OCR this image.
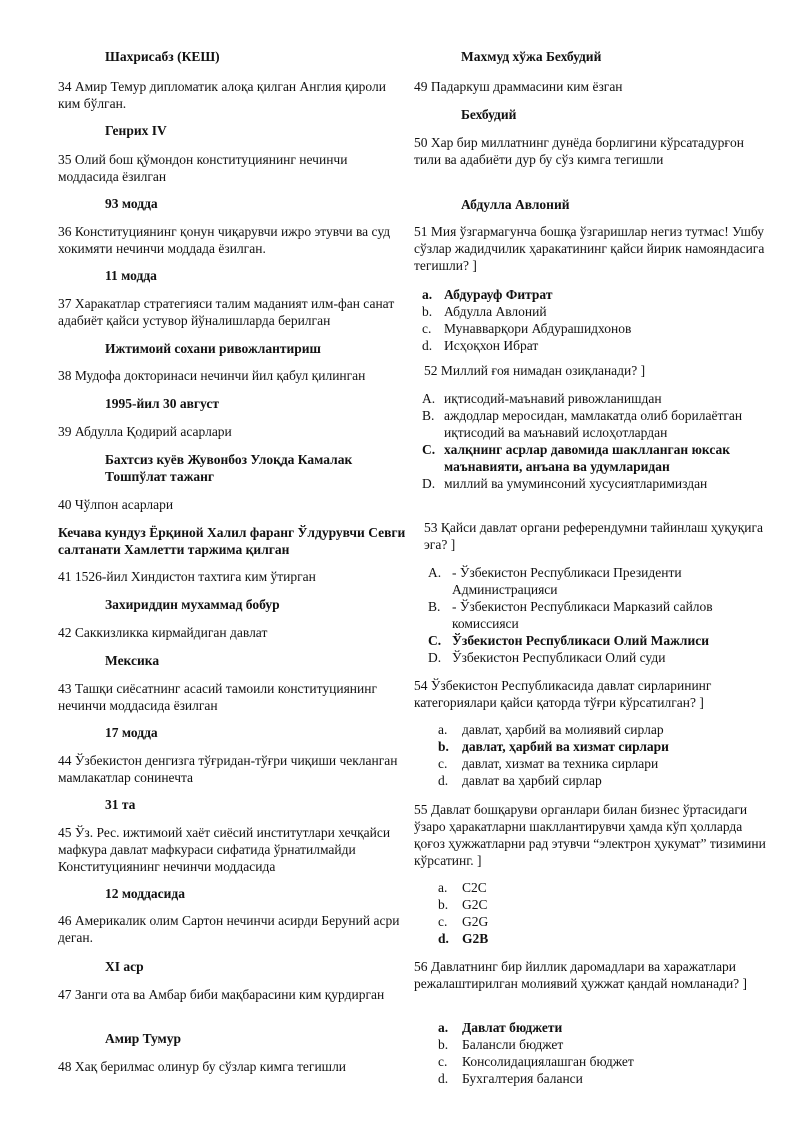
Шахрисабз (КЕШ)
34 Амир Темур дипломатик алоқа қилган Англия қироли ким бўлган.
Генрих IV
35 Олий бош қўмондон конституциянинг нечинчи моддасида ёзилган
93 модда
36 Конституциянинг қонун чиқарувчи ижро этувчи ва суд хокимяти нечинчи моддада ёзилган.
11 модда
37 Харакатлар стратегияси талим маданият илм-фан санат адабиёт қайси устувор йўналишларда берилган
Ижтимоий сохани ривожлантириш
38 Мудофа докторинаси нечинчи йил қабул қилинган
1995-йил 30 август
39 Абдулла Қодирий асарлари
Бахтсиз куёв Жувонбоз Улоқда Камалак Тошпўлат тажанг
40 Чўлпон асарлари
Кечава кундуз Ёрқиной Халил фаранг Ўлдурувчи Севги салтанати Хамлетти таржима қилган
41 1526-йил Хиндистон тахтига ким ўтирган
Захириддин мухаммад бобур
42 Саккизликка кирмайдиган давлат
Мексика
43 Ташқи сиёсатнинг асасий тамоили конституциянинг нечинчи моддасида ёзилган
17 модда
44 Ўзбекистон денгизга тўғридан-тўғри чиқиши чекланган мамлакатлар сонинечта
31 та
45 Ўз. Рес. ижтимоий хаёт сиёсий институтлари хечқайси мафкура давлат мафкураси сифатида ўрнатилмайди Конституциянинг нечинчи моддасида
12 моддасида
46 Америкалик олим Сартон нечинчи асирди Беруний асри деган.
XI аср
47 Занги ота ва Амбар биби мақбарасини ким қурдирган
Амир Тумур
48 Хақ берилмас олинур бу сўзлар кимга тегишли
Махмуд хўжа Бехбудий
49 Падаркуш драммасини ким ёзган
Бехбудий
50 Хар бир миллатнинг дунёда борлигини кўрсатадурғон тили ва адабиёти дур бу сўз кимга тегишли
Абдулла Авлоний
51 Мия ўзгармагунча бошқа ўзгаришлар негиз тутмас! Ушбу сўзлар жадидчилик ҳаракатининг қайси йирик намояндасига тегишли? ]
a. Абдурауф Фитрат
b. Абдулла Авлоний
c. Мунавварқори Абдурашидхонов
d. Исҳоқхон Ибрат
52 Миллий ғоя нимадан озиқланади? ]
A. иқтисодий-маънавий ривожланишдан
B. аждодлар меросидан, мамлакатда олиб борилаётган иқтисодий ва маънавий ислоҳотлардан
C. халқнинг асрлар давомида шаклланган юксак маънавияти, анъана ва удумларидан
D. миллий ва умуминсоний хусусиятларимиздан
53 Қайси давлат органи референдумни тайинлаш ҳуқуқига эга? ]
A. - Ўзбекистон Республикаси Президенти Администрацияси
B. - Ўзбекистон Республикаси Марказий сайлов комиссияси
C. Ўзбекистон Республикаси Олий Мажлиси
D. Ўзбекистон Республикаси Олий суди
54 Ўзбекистон Республикасида давлат сирларининг категориялари қайси қаторда тўғри кўрсатилган? ]
a. давлат, ҳарбий ва молиявий сирлар
b. давлат, ҳарбий ва хизмат сирлари
c. давлат, хизмат ва техника сирлари
d. давлат ва ҳарбий сирлар
55 Давлат бошқаруви органлари билан бизнес ўртасидаги ўзаро ҳаракатларни шакллантирувчи ҳамда кўп ҳолларда қоғоз ҳужжатларни рад этувчи “электрон ҳукумат” тизимини кўрсатинг. ]
a. C2C
b. G2C
c. G2G
d. G2B
56 Давлатнинг бир йиллик даромадлари ва харажатлари режалаштирилган молиявий ҳужжат қандай номланади? ]
a. Давлат бюджети
b. Балансли бюджет
c. Консолидациялашган бюджет
d. Бухгалтерия баланси
